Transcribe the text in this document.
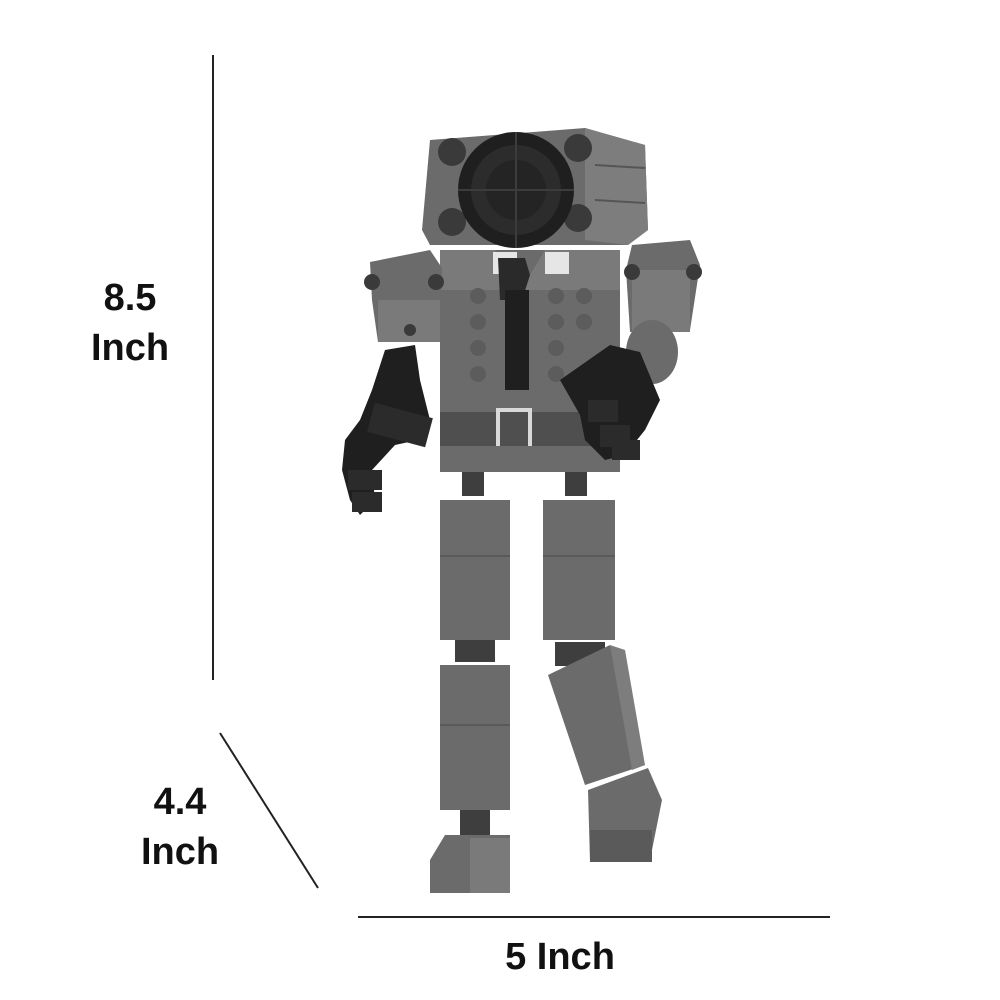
8.5
Inch
4.4
Inch
5 Inch
